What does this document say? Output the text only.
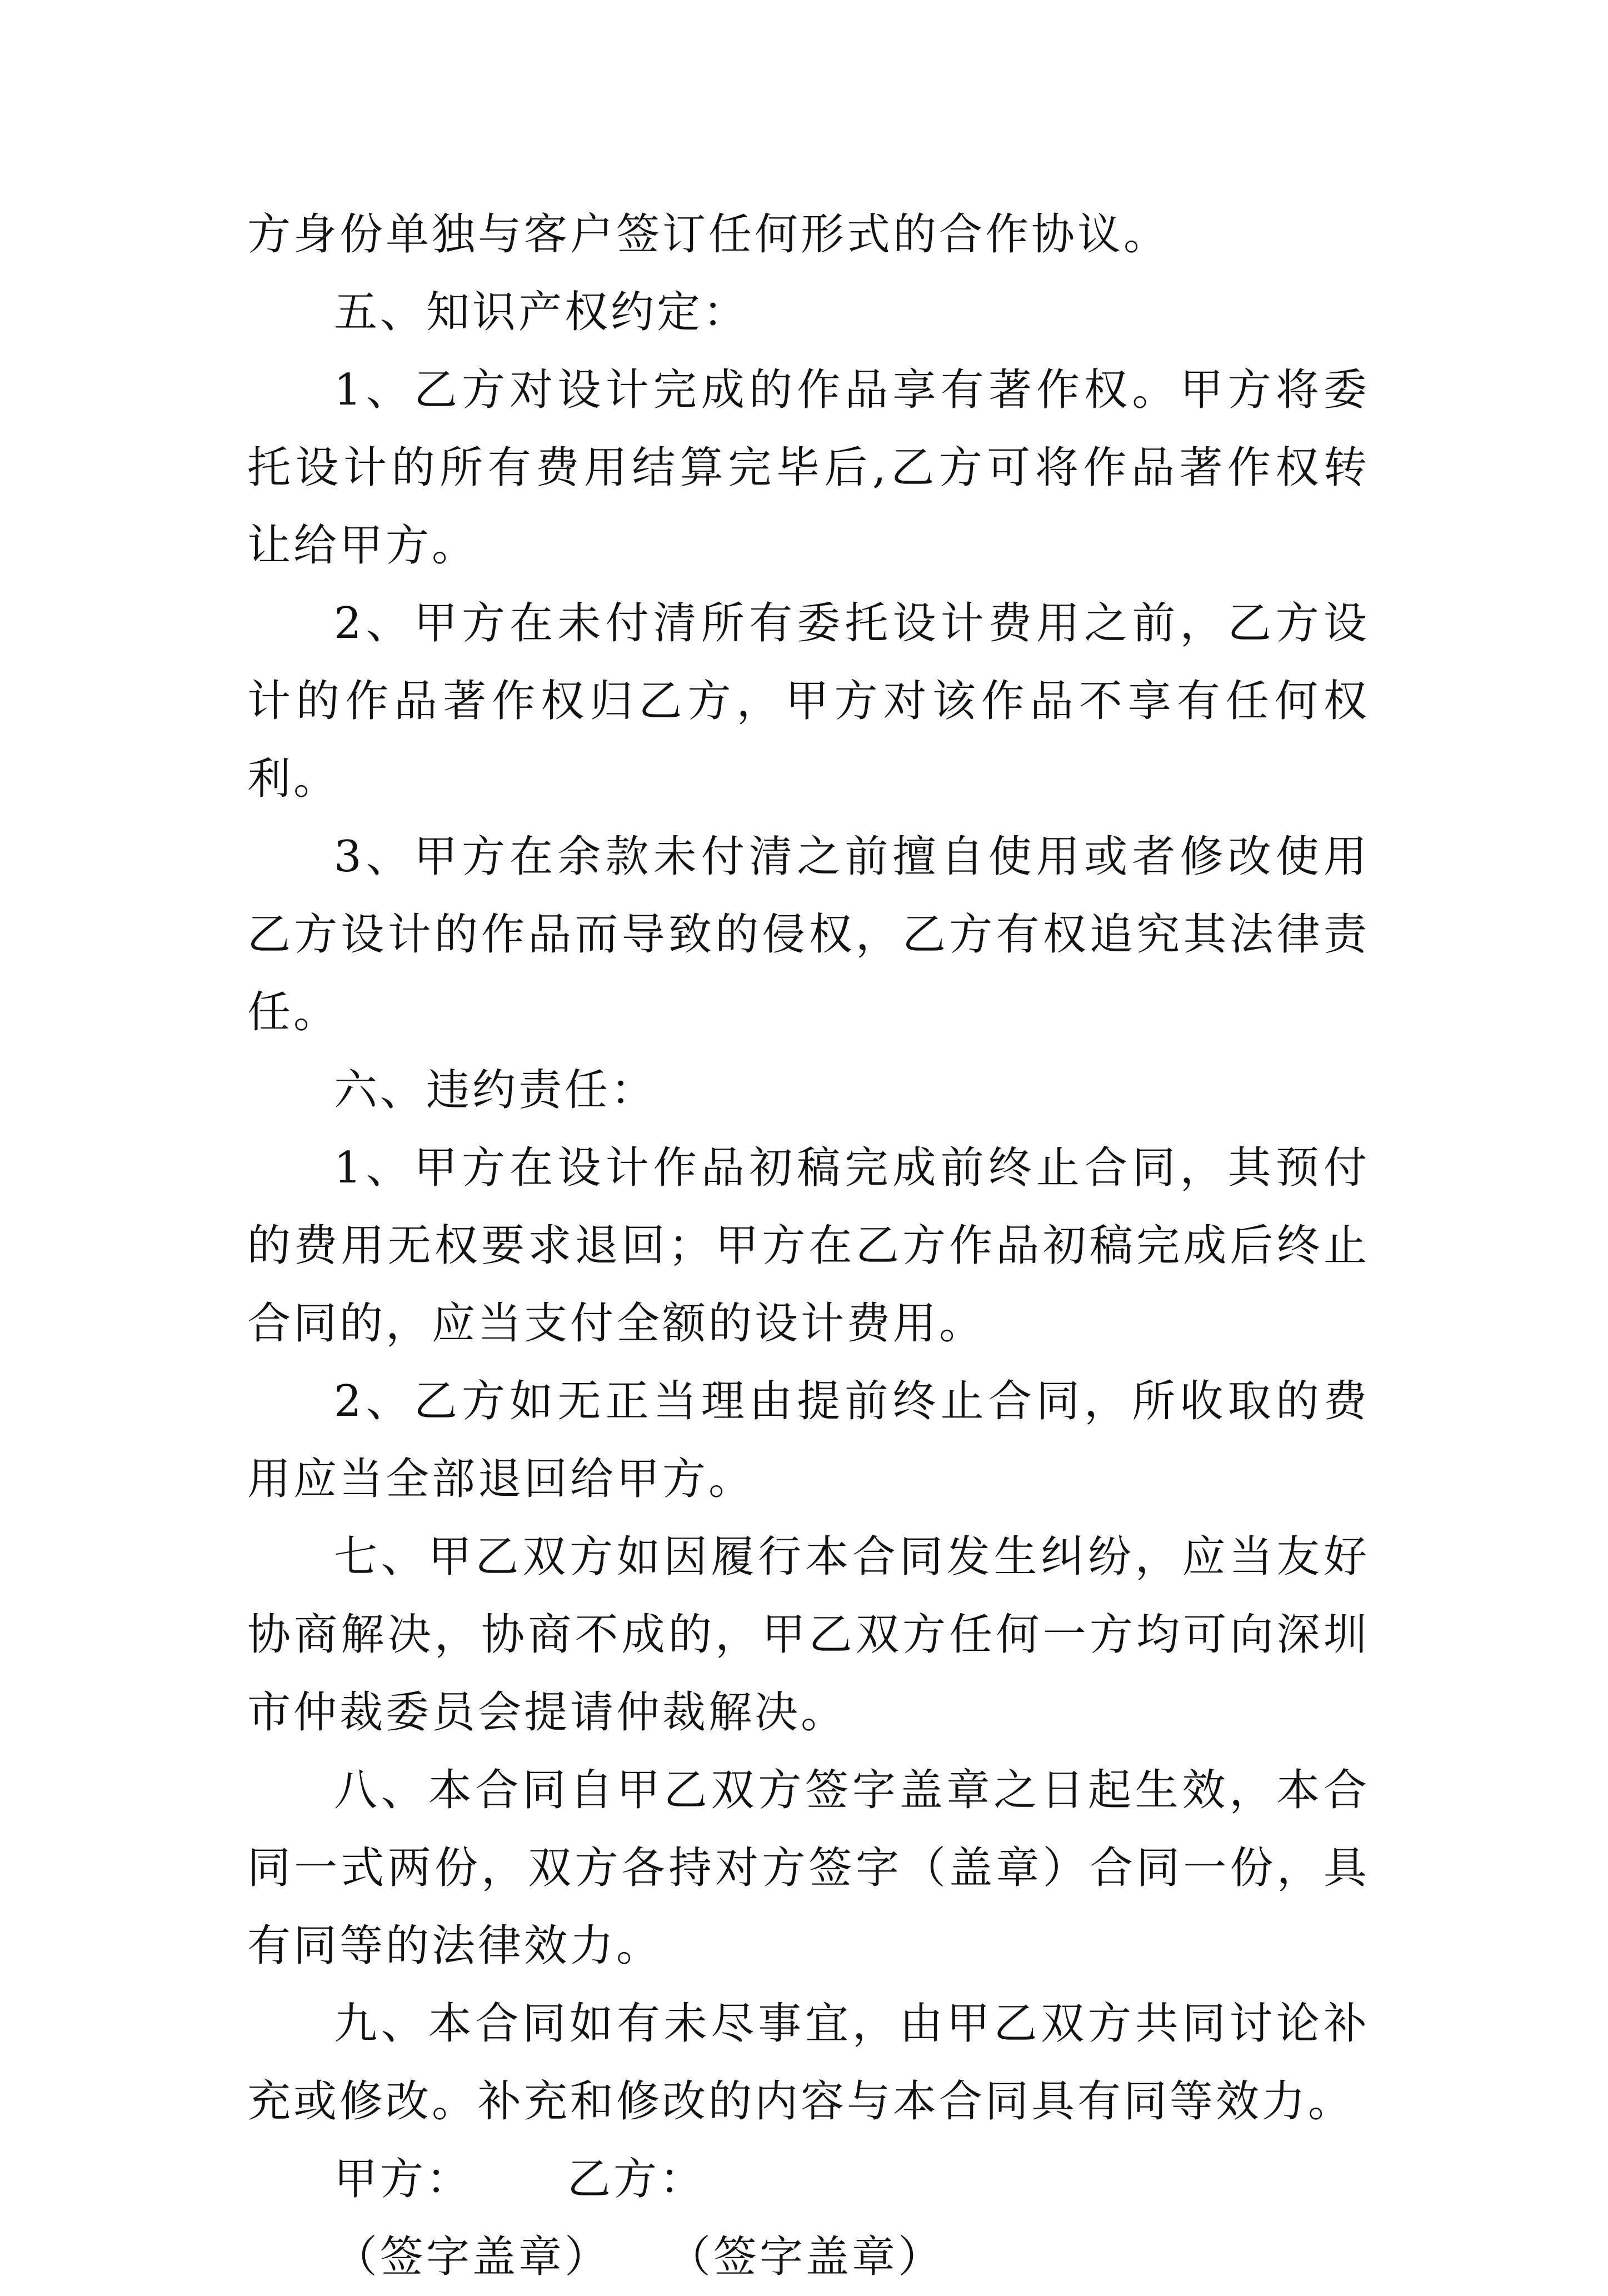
方身份单独与客户签订任何形式的合作协议。

五、知识产权约定：

1、乙方对设计完成的作品享有著作权。甲方将委托设计的所有费用结算完毕后,乙方可将作品著作权转让给甲方。

2、甲方在未付清所有委托设计费用之前，乙方设计的作品著作权归乙方，甲方对该作品不享有任何权利。

3、甲方在余款未付清之前擅自使用或者修改使用乙方设计的作品而导致的侵权，乙方有权追究其法律责任。

六、违约责任：

1、甲方在设计作品初稿完成前终止合同，其预付的费用无权要求退回；甲方在乙方作品初稿完成后终止合同的，应当支付全额的设计费用。

2、乙方如无正当理由提前终止合同，所收取的费用应当全部退回给甲方。

七、甲乙双方如因履行本合同发生纠纷，应当友好协商解决，协商不成的，甲乙双方任何一方均可向深圳市仲裁委员会提请仲裁解决。

八、本合同自甲乙双方签字盖章之日起生效，本合同一式两份，双方各持对方签字（盖章）合同一份，具有同等的法律效力。

九、本合同如有未尽事宜，由甲乙双方共同讨论补充或修改。补充和修改的内容与本合同具有同等效力。

甲方： 乙方：

（签字盖章） （签字盖章）
